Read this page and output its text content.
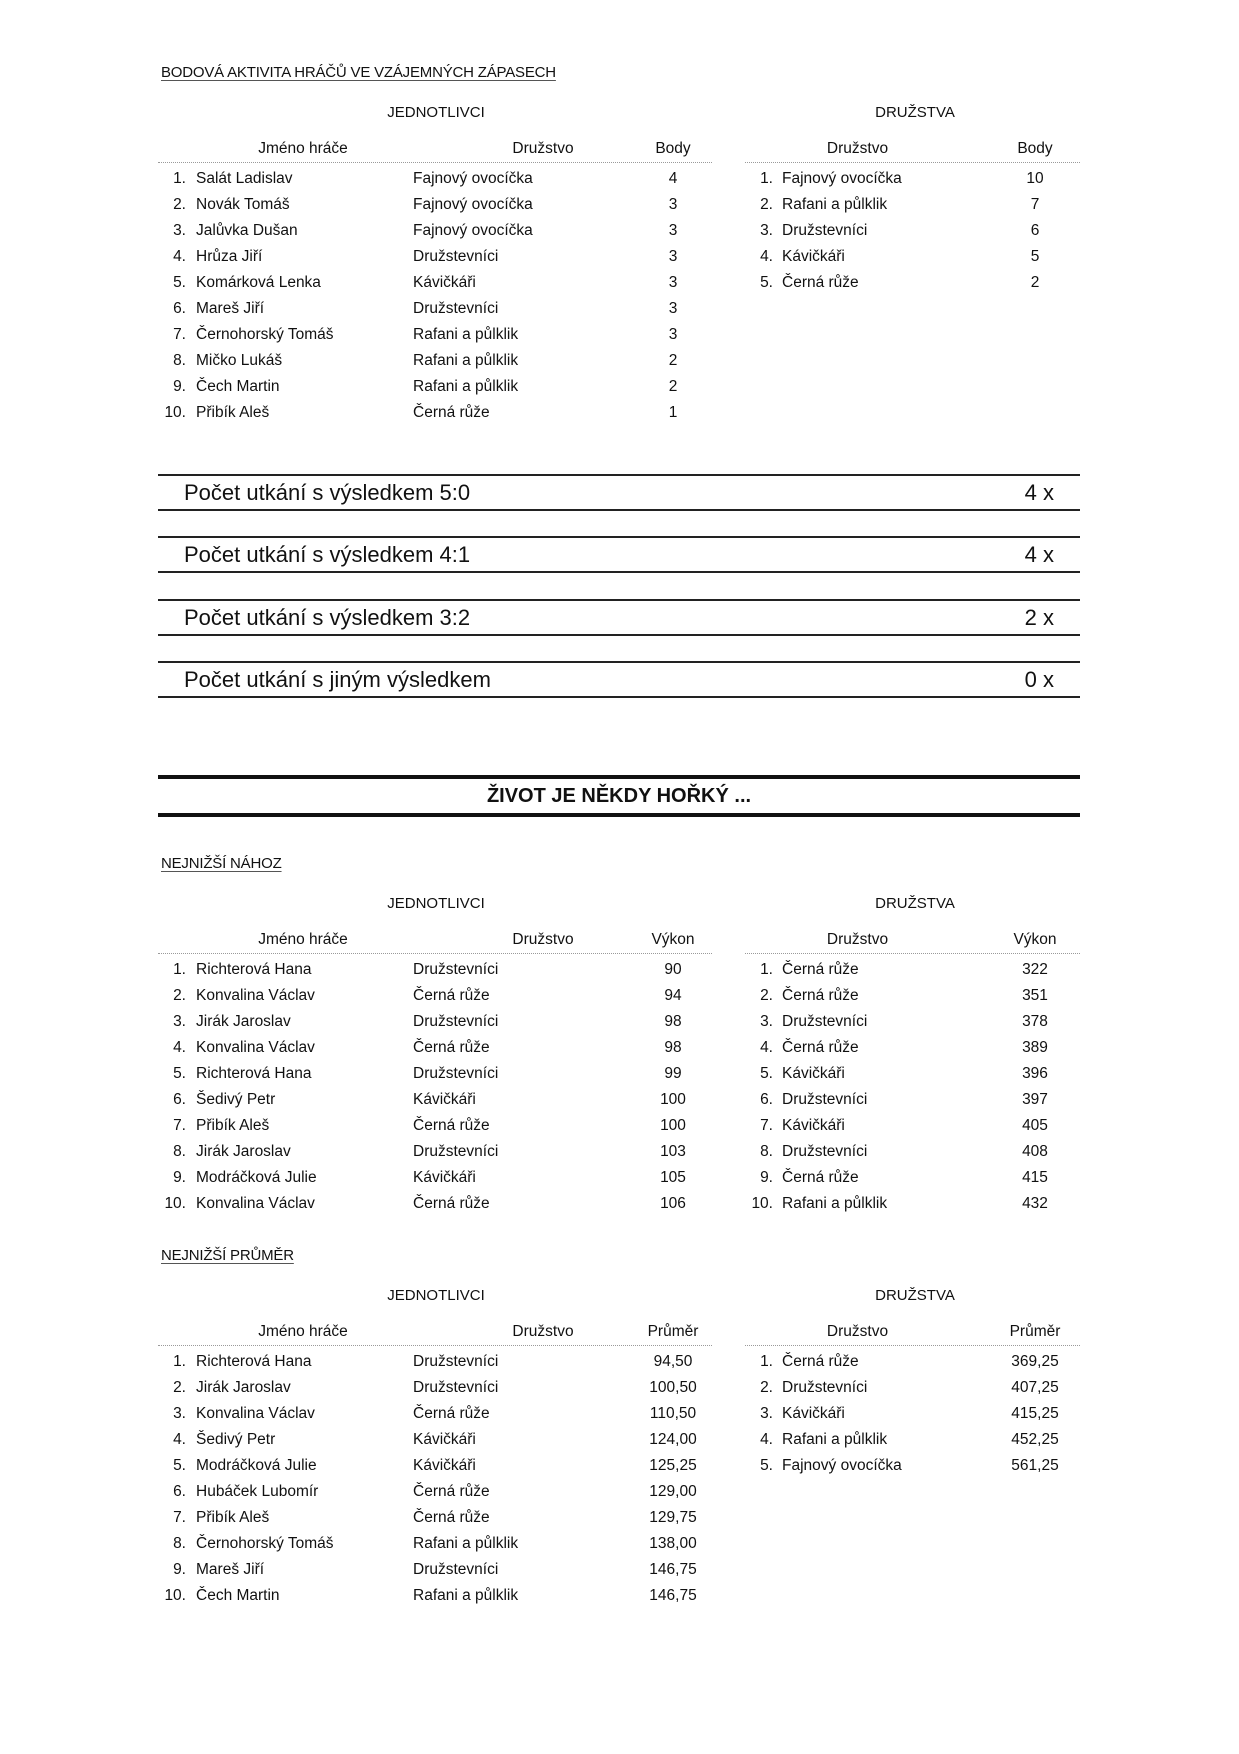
BODOVÁ AKTIVITA HRÁČŮ VE VZÁJEMNÝCH ZÁPASECH
JEDNOTLIVCI	DRUŽSTVA
Jméno hráče	Družstvo	Body
1. Salát Ladislav	Fajnový ovocíčka	4
2. Novák Tomáš	Fajnový ovocíčka	3
3. Jalůvka Dušan	Fajnový ovocíčka	3
4. Hrůza Jiří	Družstevníci	3
5. Komárková Lenka	Kávičkáři	3
6. Mareš Jiří	Družstevníci	3
7. Černohorský Tomáš	Rafani a půlklik	3
8. Mičko Lukáš	Rafani a půlklik	2
9. Čech Martin	Rafani a půlklik	2
10. Přibík Aleš	Černá růže	1
Družstvo	Body
1. Fajnový ovocíčka	10
2. Rafani a půlklik	7
3. Družstevníci	6
4. Kávičkáři	5
5. Černá růže	2
Počet utkání s výsledkem 5:0	4 x
Počet utkání s výsledkem 4:1	4 x
Počet utkání s výsledkem 3:2	2 x
Počet utkání s jiným výsledkem	0 x
ŽIVOT JE NĚKDY HOŘKÝ ...
NEJNIŽŠÍ NÁHOZ
JEDNOTLIVCI	DRUŽSTVA
Jméno hráče	Družstvo	Výkon
1. Richterová Hana	Družstevníci	90
2. Konvalina Václav	Černá růže	94
3. Jirák Jaroslav	Družstevníci	98
4. Konvalina Václav	Černá růže	98
5. Richterová Hana	Družstevníci	99
6. Šedivý Petr	Kávičkáři	100
7. Přibík Aleš	Černá růže	100
8. Jirák Jaroslav	Družstevníci	103
9. Modráčková Julie	Kávičkáři	105
10. Konvalina Václav	Černá růže	106
Družstvo	Výkon
1. Černá růže	322
2. Černá růže	351
3. Družstevníci	378
4. Černá růže	389
5. Kávičkáři	396
6. Družstevníci	397
7. Kávičkáři	405
8. Družstevníci	408
9. Černá růže	415
10. Rafani a půlklik	432
NEJNIŽŠÍ PRŮMĚR
JEDNOTLIVCI	DRUŽSTVA
Jméno hráče	Družstvo	Průměr
1. Richterová Hana	Družstevníci	94,50
2. Jirák Jaroslav	Družstevníci	100,50
3. Konvalina Václav	Černá růže	110,50
4. Šedivý Petr	Kávičkáři	124,00
5. Modráčková Julie	Kávičkáři	125,25
6. Hubáček Lubomír	Černá růže	129,00
7. Přibík Aleš	Černá růže	129,75
8. Černohorský Tomáš	Rafani a půlklik	138,00
9. Mareš Jiří	Družstevníci	146,75
10. Čech Martin	Rafani a půlklik	146,75
Družstvo	Průměr
1. Černá růže	369,25
2. Družstevníci	407,25
3. Kávičkáři	415,25
4. Rafani a půlklik	452,25
5. Fajnový ovocíčka	561,25
